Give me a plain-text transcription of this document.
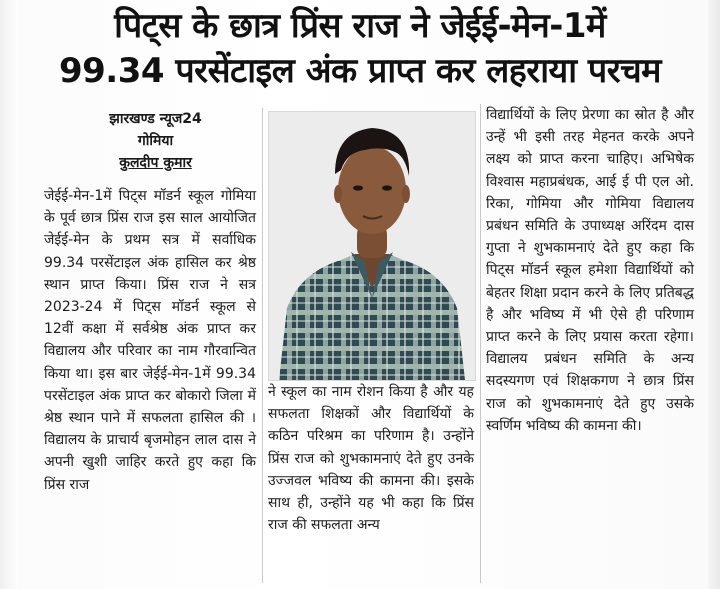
पिट्स के छात्र प्रिंस राज ने जेईई-मेन-1में
99.34 परसेंटाइल अंक प्राप्त कर लहराया परचम
झारखण्ड न्यूज24
गोमिया
कुलदीप कुमार
जेईई-मेन-1में पिट्स मॉडर्न स्कूल गोमिया के पूर्व छात्र प्रिंस राज इस साल आयोजित जेईई-मेन के प्रथम सत्र में सर्वाधिक 99.34 परसेंटाइल अंक हासिल कर श्रेष्ठ स्थान प्राप्त किया। प्रिंस राज ने सत्र 2023-24 में पिट्स मॉडर्न स्कूल से 12वीं कक्षा में सर्वश्रेष्ठ अंक प्राप्त कर विद्यालय और परिवार का नाम गौरवान्वित किया था। इस बार जेईई-मेन-1में 99.34 परसेंटाइल अंक प्राप्त कर बोकारो जिला में श्रेष्ठ स्थान पाने में सफलता हासिल की । विद्यालय के प्राचार्य बृजमोहन लाल दास ने अपनी खुशी जाहिर करते हुए कहा कि प्रिंस राज
ने स्कूल का नाम रोशन किया है और यह सफलता शिक्षकों और विद्यार्थियों के कठिन परिश्रम का परिणाम है। उन्होंने प्रिंस राज को शुभकामनाएं देते हुए उनके उज्जवल भविष्य की कामना की। इसके साथ ही, उन्होंने यह भी कहा कि प्रिंस राज की सफलता अन्य
विद्यार्थियों के लिए प्रेरणा का स्रोत है और उन्हें भी इसी तरह मेहनत करके अपने लक्ष्य को प्राप्त करना चाहिए। अभिषेक विश्वास महाप्रबंधक, आई ई पी एल ओ. रिका, गोमिया और गोमिया विद्यालय प्रबंधन समिति के उपाध्यक्ष अरिंदम दास गुप्ता ने शुभकामनाएं देते हुए कहा कि पिट्स मॉडर्न स्कूल हमेशा विद्यार्थियों को बेहतर शिक्षा प्रदान करने के लिए प्रतिबद्ध है और भविष्य में भी ऐसे ही परिणाम प्राप्त करने के लिए प्रयास करता रहेगा। विद्यालय प्रबंधन समिति के अन्य सदस्यगण एवं शिक्षकगण ने छात्र प्रिंस राज को शुभकामनाएं देते हुए उसके स्वर्णिम भविष्य की कामना की।
